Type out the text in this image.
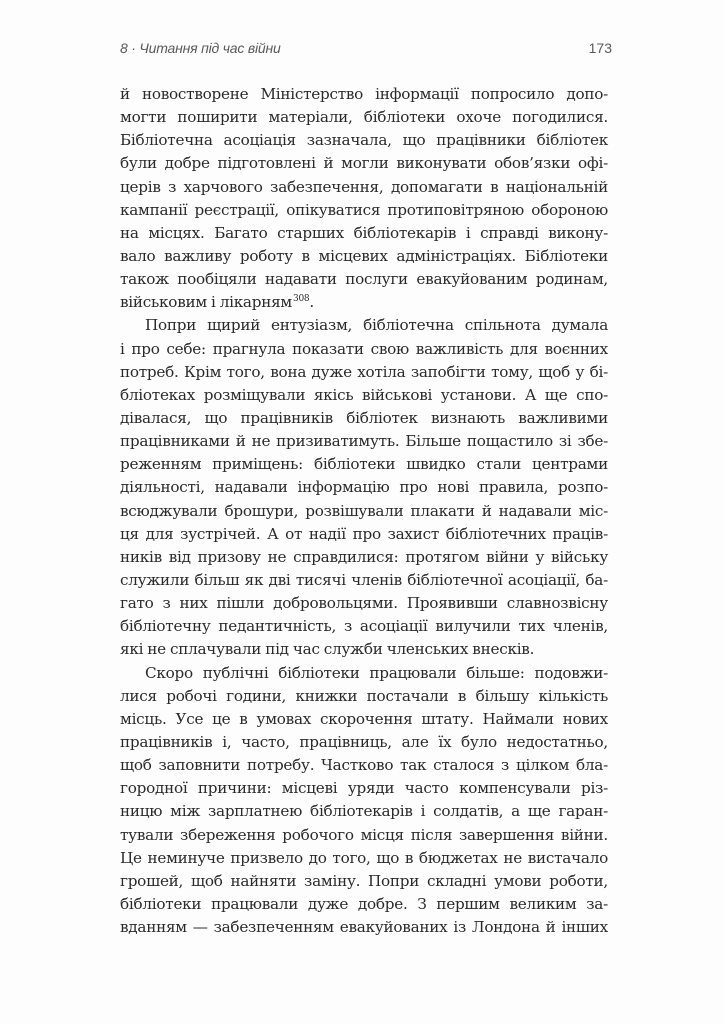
8 · Читання під час війни	173
й новостворене Міністерство інформації попросило допо-
могти поширити матеріали, бібліотеки охоче погодилися.
Бібліотечна асоціація зазначала, що працівники бібліотек
були добре підготовлені й могли виконувати обов’язки офі-
церів з харчового забезпечення, допомагати в національній
кампанії реєстрації, опікуватися протиповітряною обороною
на місцях. Багато старших бібліотекарів і справді викону-
вало важливу роботу в місцевих адміністраціях. Бібліотеки
також пообіцяли надавати послуги евакуйованим родинам,
військовим і лікарням$^{308}$.
Попри щирий ентузіазм, бібліотечна спільнота думала
і про себе: прагнула показати свою важливість для воєнних
потреб. Крім того, вона дуже хотіла запобігти тому, щоб у бі-
бліотеках розміщували якісь військові установи. А ще спо-
дівалася, що працівників бібліотек визнають важливими
працівниками й не призиватимуть. Більше пощастило зі збе-
реженням приміщень: бібліотеки швидко стали центрами
діяльності, надавали інформацію про нові правила, розпо-
всюджували брошури, розвішували плакати й надавали міс-
ця для зустрічей. А от надії про захист бібліотечних праців-
ників від призову не справдилися: протягом війни у війську
служили більш як дві тисячі членів бібліотечної асоціації, ба-
гато з них пішли добровольцями. Проявивши славнозвісну
бібліотечну педантичність, з асоціації вилучили тих членів,
які не сплачували під час служби членських внесків.
Скоро публічні бібліотеки працювали більше: подовжи-
лися робочі години, книжки постачали в більшу кількість
місць. Усе це в умовах скорочення штату. Наймали нових
працівників і, часто, працівниць, але їх було недостатньо,
щоб заповнити потребу. Частково так сталося з цілком бла-
городної причини: місцеві уряди часто компенсували різ-
ницю між зарплатнею бібліотекарів і солдатів, а ще гаран-
тували збереження робочого місця після завершення війни.
Це неминуче призвело до того, що в бюджетах не вистачало
грошей, щоб найняти заміну. Попри складні умови роботи,
бібліотеки працювали дуже добре. З першим великим за-
вданням — забезпеченням евакуйованих із Лондона й інших
